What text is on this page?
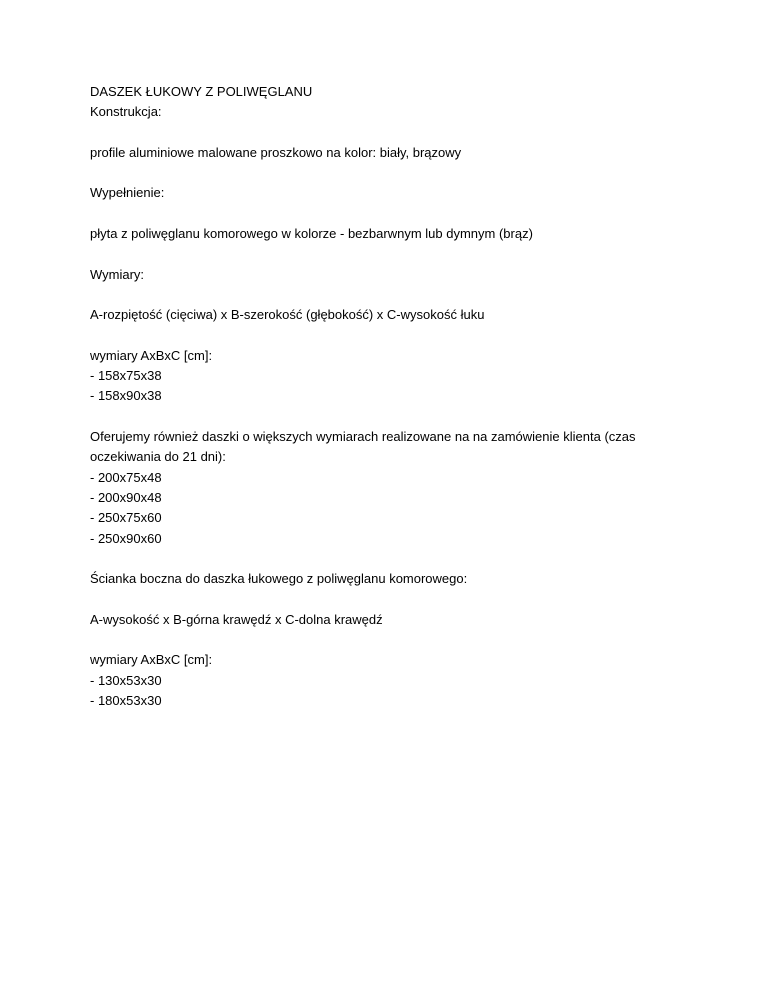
DASZEK ŁUKOWY Z POLIWĘGLANU
Konstrukcja:
profile aluminiowe malowane proszkowo na kolor: biały, brązowy
Wypełnienie:
płyta z poliwęglanu komorowego w kolorze - bezbarwnym lub dymnym (brąz)
Wymiary:
A-rozpiętość (cięciwa) x B-szerokość (głębokość) x C-wysokość łuku
wymiary AxBxC [cm]:
- 158x75x38
- 158x90x38
Oferujemy również daszki o większych wymiarach realizowane na na zamówienie klienta (czas
oczekiwania do 21 dni):
- 200x75x48
- 200x90x48
- 250x75x60
- 250x90x60
Ścianka boczna do daszka łukowego z poliwęglanu komorowego:
A-wysokość x B-górna krawędź x C-dolna krawędź
wymiary AxBxC [cm]:
- 130x53x30
- 180x53x30
